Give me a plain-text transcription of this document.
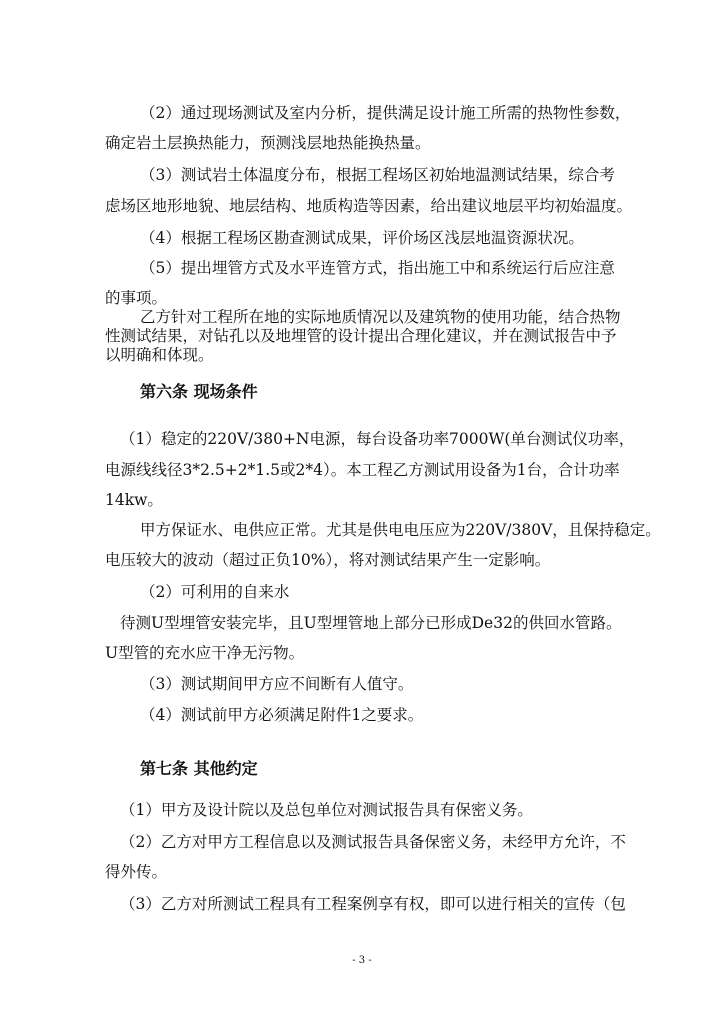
（2）通过现场测试及室内分析，提供满足设计施工所需的热物性参数，
确定岩土层换热能力，预测浅层地热能换热量。
（3）测试岩土体温度分布，根据工程场区初始地温测试结果，综合考
虑场区地形地貌、地层结构、地质构造等因素，给出建议地层平均初始温度。
（4）根据工程场区勘查测试成果，评价场区浅层地温资源状况。
（5）提出埋管方式及水平连管方式，指出施工中和系统运行后应注意
的事项。
乙方针对工程所在地的实际地质情况以及建筑物的使用功能，结合热物
性测试结果，对钻孔以及地埋管的设计提出合理化建议，并在测试报告中予
以明确和体现。
第六条 现场条件
（1）稳定的220V/380+N电源，每台设备功率7000W(单台测试仪功率，
电源线线径3*2.5+2*1.5或2*4）。本工程乙方测试用设备为1台，合计功率
14kw。
甲方保证水、电供应正常。尤其是供电电压应为220V/380V，且保持稳定。
电压较大的波动（超过正负10%），将对测试结果产生一定影响。
（2）可利用的自来水
待测U型埋管安装完毕，且U型埋管地上部分已形成De32的供回水管路。
U型管的充水应干净无污物。
（3）测试期间甲方应不间断有人值守。
（4）测试前甲方必须满足附件1之要求。
第七条 其他约定
（1）甲方及设计院以及总包单位对测试报告具有保密义务。
（2）乙方对甲方工程信息以及测试报告具备保密义务，未经甲方允许，不
得外传。
（3）乙方对所测试工程具有工程案例享有权，即可以进行相关的宣传（包
- 3 -
